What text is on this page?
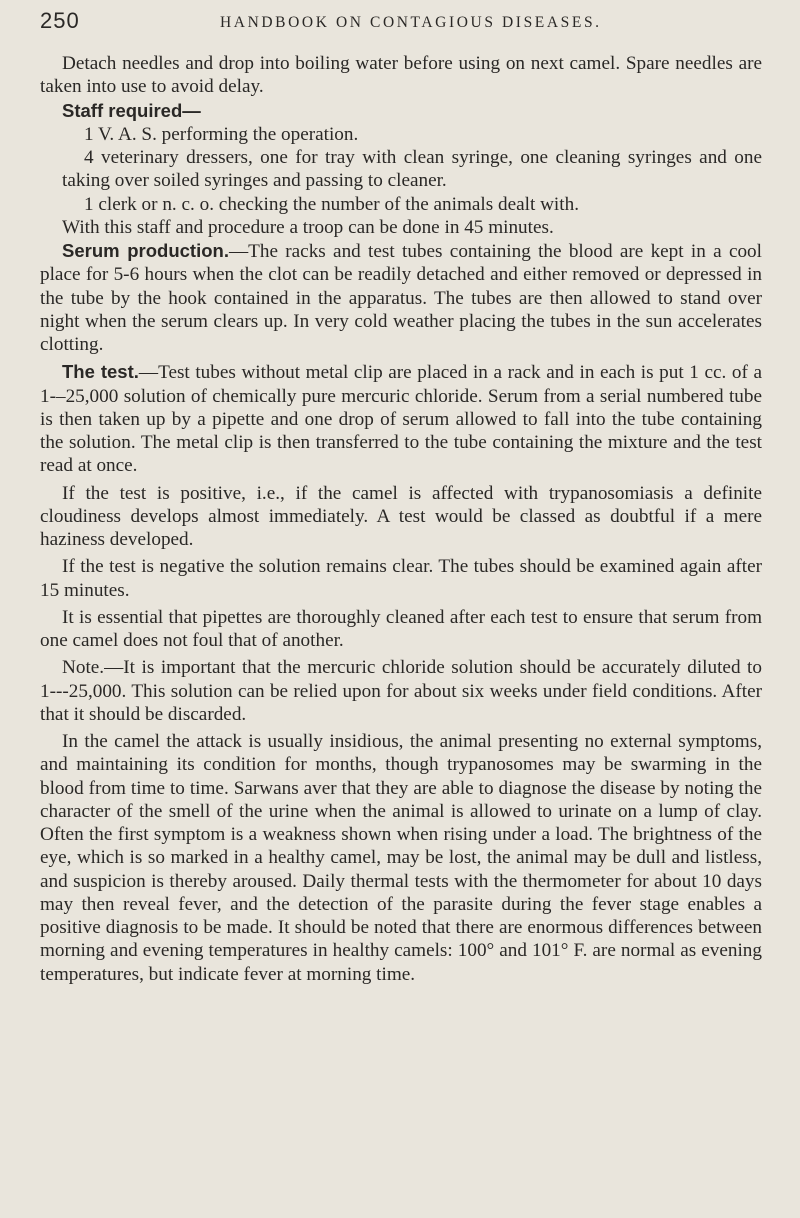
250	HANDBOOK ON CONTAGIOUS DISEASES.

Detach needles and drop into boiling water before using on next camel. Spare needles are taken into use to avoid delay.

Staff required—

1 V. A. S. performing the operation.

4 veterinary dressers, one for tray with clean syringe, one cleaning syringes and one taking over soiled syringes and passing to cleaner.

1 clerk or n. c. o. checking the number of the animals dealt with.

With this staff and procedure a troop can be done in 45 minutes.

Serum production.—The racks and test tubes containing the blood are kept in a cool place for 5-6 hours when the clot can be readily detached and either removed or depressed in the tube by the hook contained in the apparatus. The tubes are then allowed to stand over night when the serum clears up. In very cold weather placing the tubes in the sun accelerates clotting.

The test.—Test tubes without metal clip are placed in a rack and in each is put 1 cc. of a 1-–25,000 solution of chemically pure mercuric chloride. Serum from a serial numbered tube is then taken up by a pipette and one drop of serum allowed to fall into the tube containing the solution. The metal clip is then transferred to the tube containing the mixture and the test read at once.

If the test is positive, i.e., if the camel is affected with trypanosomiasis a definite cloudiness develops almost immediately. A test would be classed as doubtful if a mere haziness developed.

If the test is negative the solution remains clear. The tubes should be examined again after 15 minutes.

It is essential that pipettes are thoroughly cleaned after each test to ensure that serum from one camel does not foul that of another.

Note.—It is important that the mercuric chloride solution should be accurately diluted to 1---25,000. This solution can be relied upon for about six weeks under field conditions. After that it should be discarded.

In the camel the attack is usually insidious, the animal presenting no external symptoms, and maintaining its condition for months, though trypanosomes may be swarming in the blood from time to time. Sarwans aver that they are able to diagnose the disease by noting the character of the smell of the urine when the animal is allowed to urinate on a lump of clay. Often the first symptom is a weakness shown when rising under a load. The brightness of the eye, which is so marked in a healthy camel, may be lost, the animal may be dull and listless, and suspicion is thereby aroused. Daily thermal tests with the thermometer for about 10 days may then reveal fever, and the detection of the parasite during the fever stage enables a positive diagnosis to be made. It should be noted that there are enormous differences between morning and evening temperatures in healthy camels: 100° and 101° F. are normal as evening temperatures, but indicate fever at morning time.
